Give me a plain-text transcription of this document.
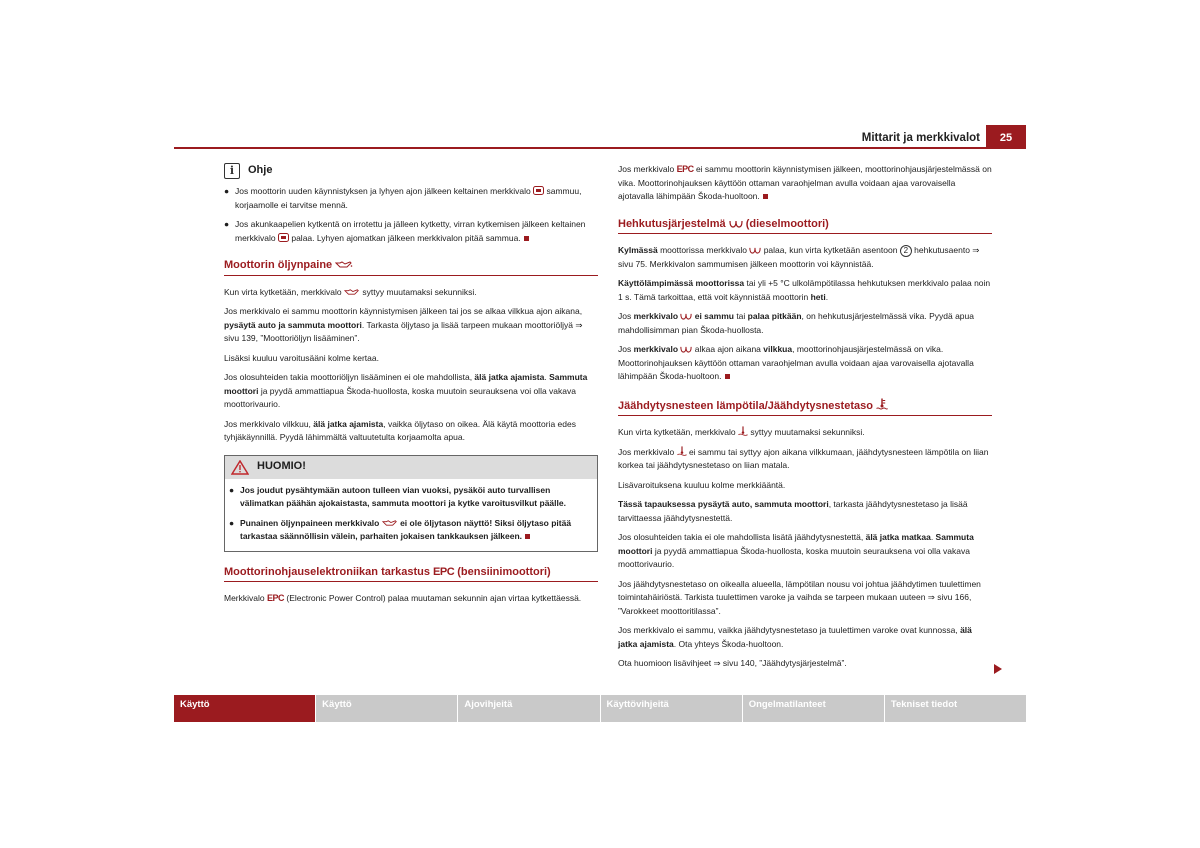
Mittarit ja merkkivalot	25
i	Ohje

● Jos moottorin uuden käynnistyksen ja lyhyen ajon jälkeen keltainen merkkivalo  sammuu, korjaamolle ei tarvitse mennä.

● Jos akunkaapelien kytkentä on irrotettu ja jälleen kytketty, virran kytkemisen jälkeen keltainen merkkivalo  palaa. Lyhyen ajomatkan jälkeen merkkivalon pitää sammua.

Moottorin öljynpaine

Kun virta kytketään, merkkivalo  syttyy muutamaksi sekunniksi.

Jos merkkivalo ei sammu moottorin käynnistymisen jälkeen tai jos se alkaa vilkkua ajon aikana, pysäytä auto ja sammuta moottori. Tarkasta öljytaso ja lisää tarpeen mukaan moottoriöljyä ⇒ sivu 139, ”Moottoriöljyn lisääminen”.

Lisäksi kuuluu varoitusääni kolme kertaa.

Jos olosuhteiden takia moottoriöljyn lisääminen ei ole mahdollista, älä jatka ajamista. Sammuta moottori ja pyydä ammattiapua Škoda-huollosta, koska muutoin seurauksena voi olla vakava moottorivaurio.

Jos merkkivalo vilkkuu, älä jatka ajamista, vaikka öljytaso on oikea. Älä käytä moottoria edes tyhjäkäynnillä. Pyydä lähimmältä valtuutetulta korjaamolta apua.

HUOMIO!

● Jos joudut pysähtymään autoon tulleen vian vuoksi, pysäköi auto turvallisen välimatkan päähän ajokaistasta, sammuta moottori ja kytke varoitusvilkut päälle.

● Punainen öljynpaineen merkkivalo  ei ole öljytason näyttö! Siksi öljytaso pitää tarkastaa säännöllisin välein, parhaiten jokaisen tankkauksen jälkeen.

Moottorinohjauselektroniikan tarkastus EPC (bensiinimoottori)

Merkkivalo EPC (Electronic Power Control) palaa muutaman sekunnin ajan virtaa kytkettäessä.

Jos merkkivalo EPC ei sammu moottorin käynnistymisen jälkeen, moottorinohjausjärjestelmässä on vika. Moottorinohjauksen käyttöön ottaman varaohjelman avulla voidaan ajaa varovaisella ajotavalla lähimpään Škoda-huoltoon.

Hehkutusjärjestelmä  (dieselmoottori)

Kylmässä moottorissa merkkivalo  palaa, kun virta kytketään asentoon 2 hehkutusaento ⇒ sivu 75. Merkkivalon sammumisen jälkeen moottorin voi käynnistää.

Käyttölämpimässä moottorissa tai yli +5 °C ulkolämpötilassa hehkutuksen merkkivalo palaa noin 1 s. Tämä tarkoittaa, että voit käynnistää moottorin heti.

Jos merkkivalo  ei sammu tai palaa pitkään, on hehkutusjärjestelmässä vika. Pyydä apua mahdollisimman pian Škoda-huollosta.

Jos merkkivalo  alkaa ajon aikana vilkkua, moottorinohjausjärjestelmässä on vika. Moottorinohjauksen käyttöön ottaman varaohjelman avulla voidaan ajaa varovaisella ajotavalla lähimpään Škoda-huoltoon.

Jäähdytysnesteen lämpötila/Jäähdytysnestetaso

Kun virta kytketään, merkkivalo  syttyy muutamaksi sekunniksi.

Jos merkkivalo  ei sammu tai syttyy ajon aikana vilkkumaan, jäähdytysnesteen lämpötila on liian korkea tai jäähdytysnestetaso on liian matala.

Lisävaroituksena kuuluu kolme merkkiääntä.

Tässä tapauksessa pysäytä auto, sammuta moottori, tarkasta jäähdytysnestetaso ja lisää tarvittaessa jäähdytysnestettä.

Jos olosuhteiden takia ei ole mahdollista lisätä jäähdytysnestettä, älä jatka matkaa. Sammuta moottori ja pyydä ammattiapua Škoda-huollosta, koska muutoin seurauksena voi olla vakava moottorivaurio.

Jos jäähdytysnestetaso on oikealla alueella, lämpötilan nousu voi johtua jäähdytimen tuulettimen toimintahäiriöstä. Tarkista tuulettimen varoke ja vaihda se tarpeen mukaan uuteen ⇒ sivu 166, ”Varokkeet moottoritilassa”.

Jos merkkivalo ei sammu, vaikka jäähdytysnestetaso ja tuulettimen varoke ovat kunnossa, älä jatka ajamista. Ota yhteys Škoda-huoltoon.

Ota huomioon lisävihjeet ⇒ sivu 140, ”Jäähdytysjärjestelmä”.

Käyttö	Käyttö	Ajovihjeitä	Käyttövihjeitä	Ongelmatilanteet	Tekniset tiedot
